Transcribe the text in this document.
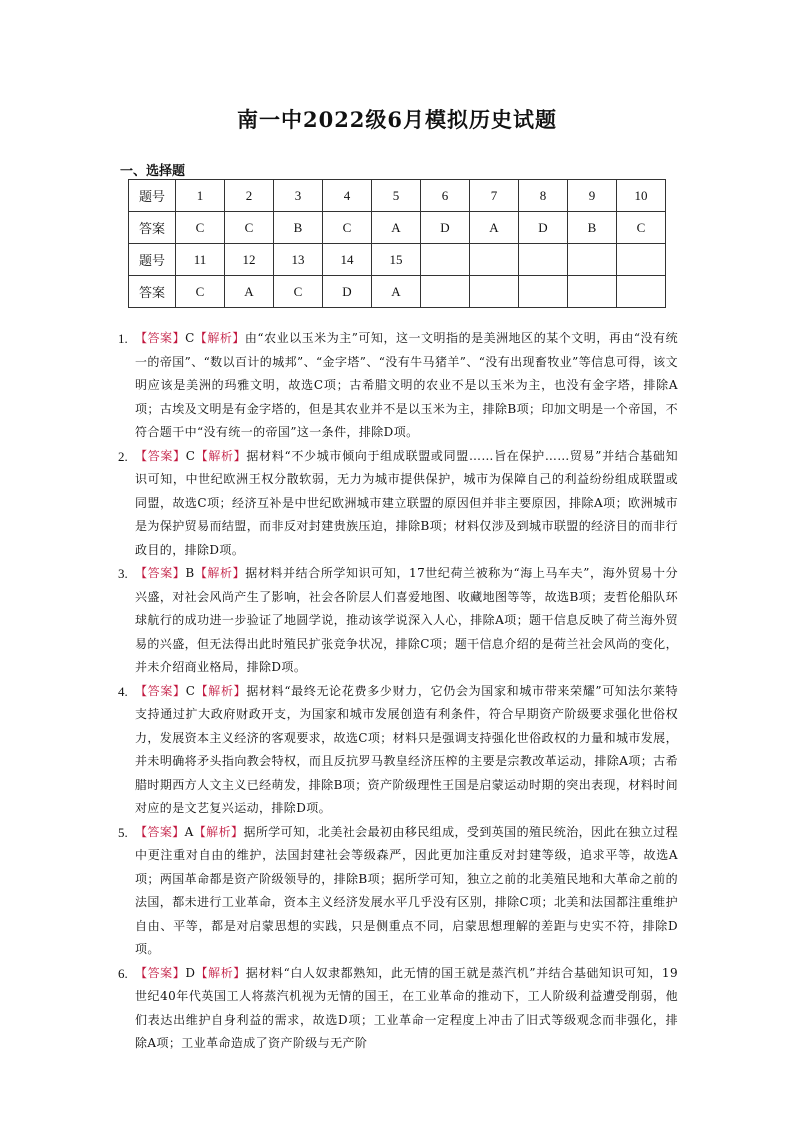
南一中2022级6月模拟历史试题
一、选择题
题号	1	2	3	4	5	6	7	8	9	10
答案	C	C	B	C	A	D	A	D	B	C
题号	11	12	13	14	15					
答案	C	A	C	D	A					
1. 【答案】C【解析】由“农业以玉米为主”可知，这一文明指的是美洲地区的某个文明，再由“没有统一的帝国”、“数以百计的城邦”、“金字塔”、“没有牛马猪羊”、“没有出现畜牧业”等信息可得，该文明应该是美洲的玛雅文明，故选C项；古希腊文明的农业不是以玉米为主，也没有金字塔，排除A项；古埃及文明是有金字塔的，但是其农业并不是以玉米为主，排除B项；印加文明是一个帝国，不符合题干中“没有统一的帝国”这一条件，排除D项。
2. 【答案】C【解析】据材料“不少城市倾向于组成联盟或同盟……旨在保护……贸易”并结合基础知识可知，中世纪欧洲王权分散软弱，无力为城市提供保护，城市为保障自己的利益纷纷组成联盟或同盟，故选C项；经济互补是中世纪欧洲城市建立联盟的原因但并非主要原因，排除A项；欧洲城市是为保护贸易而结盟，而非反对封建贵族压迫，排除B项；材料仅涉及到城市联盟的经济目的而非行政目的，排除D项。
3. 【答案】B【解析】据材料并结合所学知识可知，17世纪荷兰被称为“海上马车夫”，海外贸易十分兴盛，对社会风尚产生了影响，社会各阶层人们喜爱地图、收藏地图等等，故选B项；麦哲伦船队环球航行的成功进一步验证了地圆学说，推动该学说深入人心，排除A项；题干信息反映了荷兰海外贸易的兴盛，但无法得出此时殖民扩张竞争状况，排除C项；题干信息介绍的是荷兰社会风尚的变化，并未介绍商业格局，排除D项。
4. 【答案】C【解析】据材料“最终无论花费多少财力，它仍会为国家和城市带来荣耀”可知法尔莱特支持通过扩大政府财政开支，为国家和城市发展创造有利条件，符合早期资产阶级要求强化世俗权力，发展资本主义经济的客观要求，故选C项；材料只是强调支持强化世俗政权的力量和城市发展，并未明确将矛头指向教会特权，而且反抗罗马教皇经济压榨的主要是宗教改革运动，排除A项；古希腊时期西方人文主义已经萌发，排除B项；资产阶级理性王国是启蒙运动时期的突出表现，材料时间对应的是文艺复兴运动，排除D项。
5. 【答案】A【解析】据所学可知，北美社会最初由移民组成，受到英国的殖民统治，因此在独立过程中更注重对自由的维护，法国封建社会等级森严，因此更加注重反对封建等级，追求平等，故选A项；两国革命都是资产阶级领导的，排除B项；据所学可知，独立之前的北美殖民地和大革命之前的法国，都未进行工业革命，资本主义经济发展水平几乎没有区别，排除C项；北美和法国都注重维护自由、平等，都是对启蒙思想的实践，只是侧重点不同，启蒙思想理解的差距与史实不符，排除D项。
6. 【答案】D【解析】据材料“白人奴隶都熟知，此无情的国王就是蒸汽机”并结合基础知识可知，19世纪40年代英国工人将蒸汽机视为无情的国王，在工业革命的推动下，工人阶级利益遭受削弱，他们表达出维护自身利益的需求，故选D项；工业革命一定程度上冲击了旧式等级观念而非强化，排除A项；工业革命造成了资产阶级与无产阶
